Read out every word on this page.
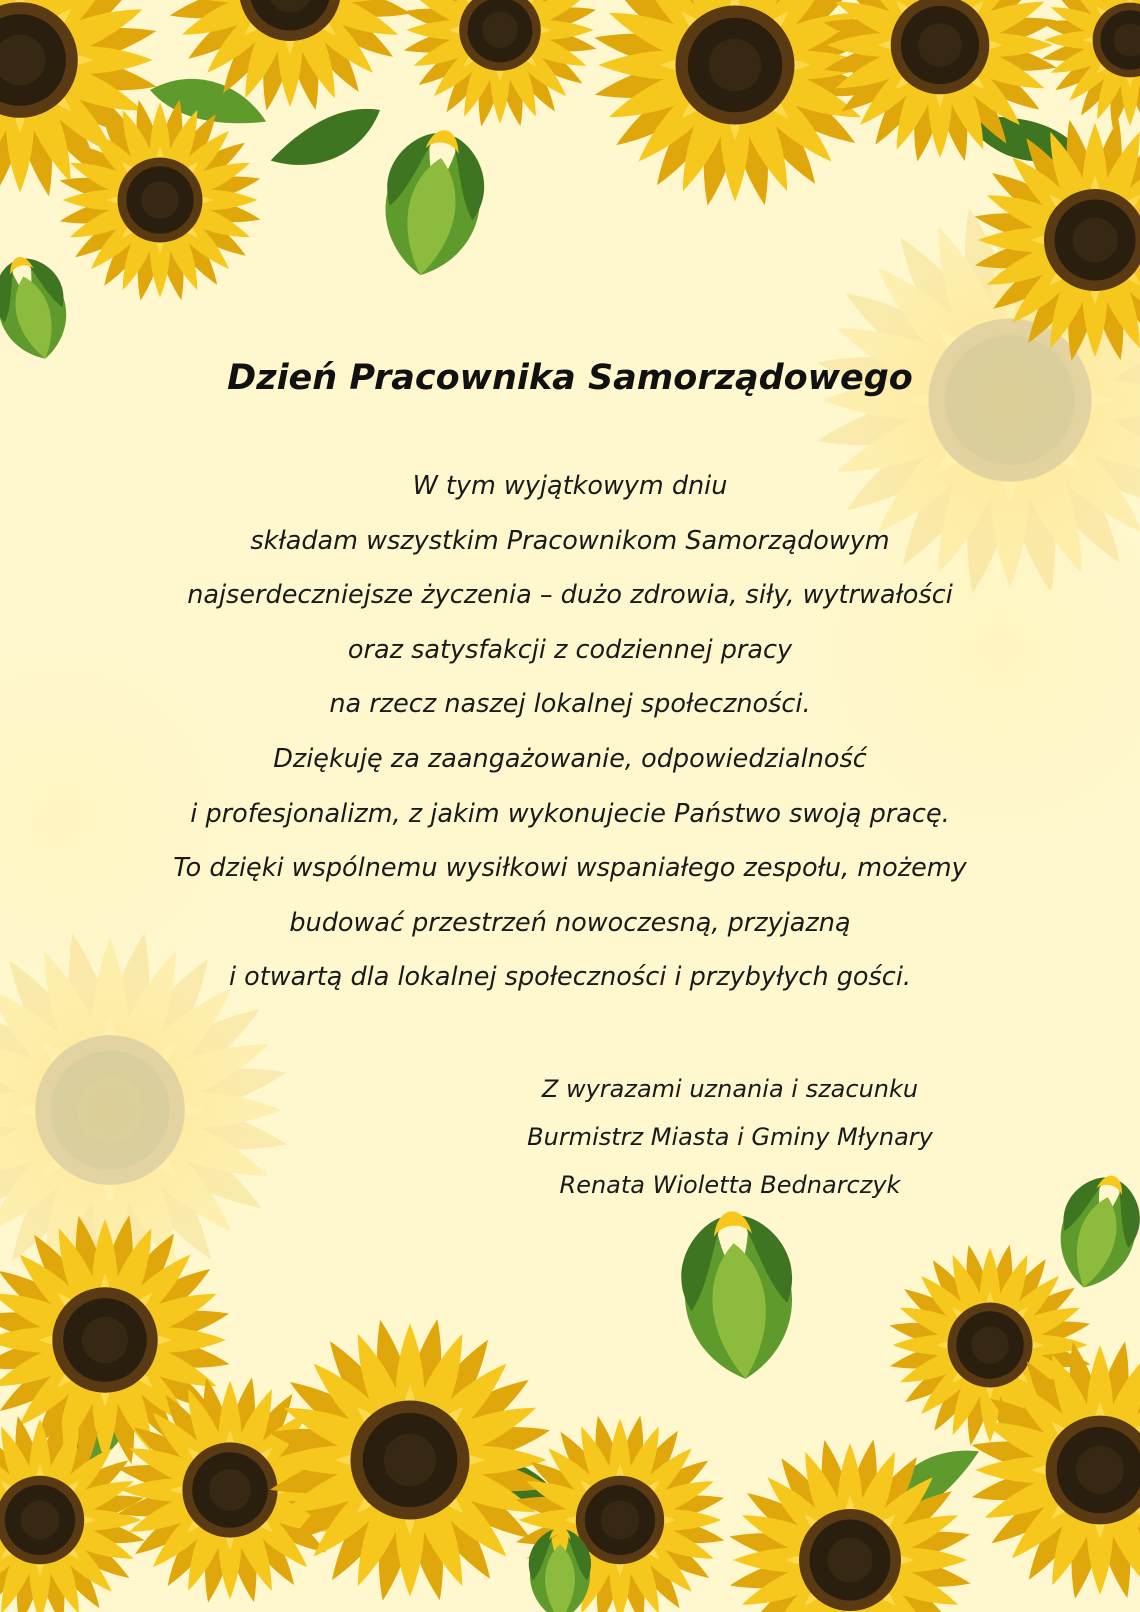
Dzień Pracownika Samorządowego
W tym wyjątkowym dniu
składam wszystkim Pracownikom Samorządowym
najserdeczniejsze życzenia – dużo zdrowia, siły, wytrwałości
oraz satysfakcji z codziennej pracy
na rzecz naszej lokalnej społeczności.
Dziękuję za zaangażowanie, odpowiedzialność
i profesjonalizm, z jakim wykonujecie Państwo swoją pracę.
To dzięki wspólnemu wysiłkowi wspaniałego zespołu, możemy
budować przestrzeń nowoczesną, przyjazną
i otwartą dla lokalnej społeczności i przybyłych gości.
Z wyrazami uznania i szacunku
Burmistrz Miasta i Gminy Młynary
Renata Wioletta Bednarczyk
